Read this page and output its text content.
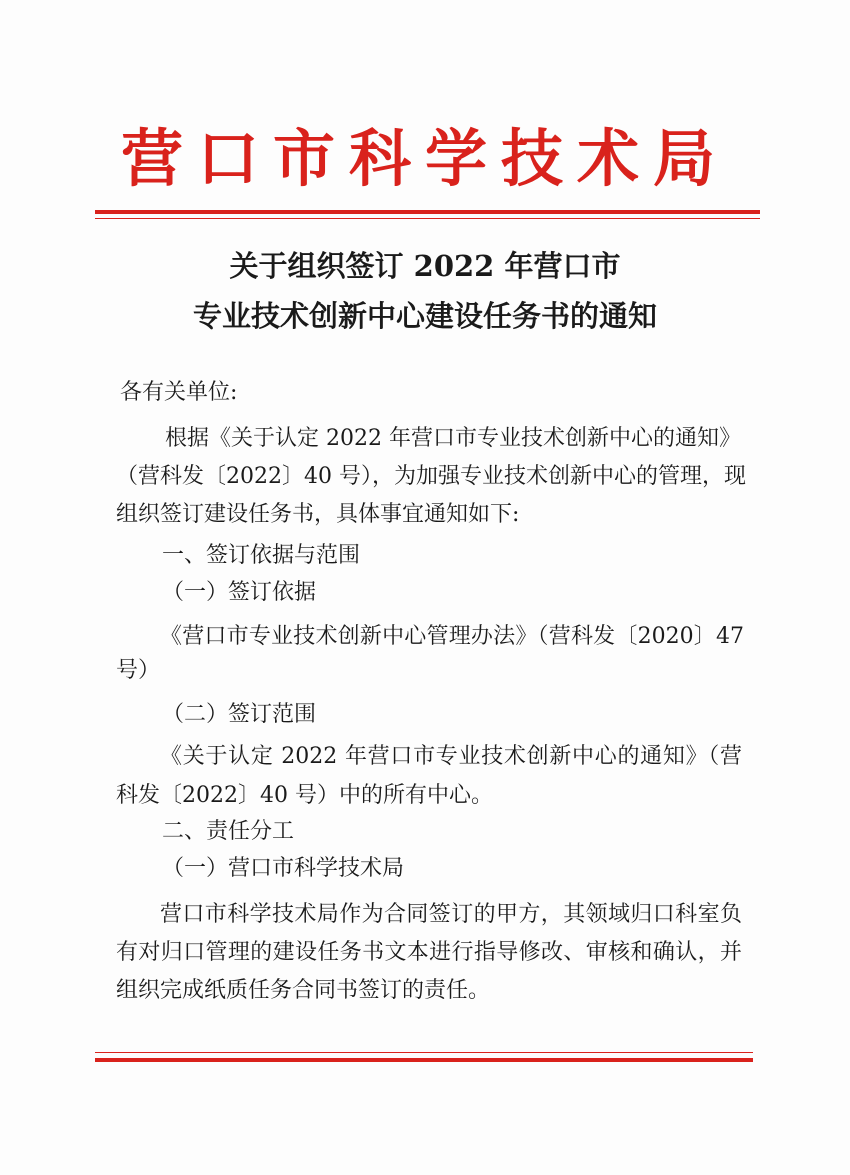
营口市科学技术局
关于组织签订 2022 年营口市
专业技术创新中心建设任务书的通知
各有关单位:
根据《关于认定 2022 年营口市专业技术创新中心的通知》
（营科发〔2022〕40 号），为加强专业技术创新中心的管理，现
组织签订建设任务书，具体事宜通知如下:
一、签订依据与范围
（一）签订依据
《营口市专业技术创新中心管理办法》（营科发〔2020〕47
号）
（二）签订范围
《关于认定 2022 年营口市专业技术创新中心的通知》（营
科发〔2022〕40 号）中的所有中心。
二、责任分工
（一）营口市科学技术局
营口市科学技术局作为合同签订的甲方，其领域归口科室负
有对归口管理的建设任务书文本进行指导修改、审核和确认，并
组织完成纸质任务合同书签订的责任。
